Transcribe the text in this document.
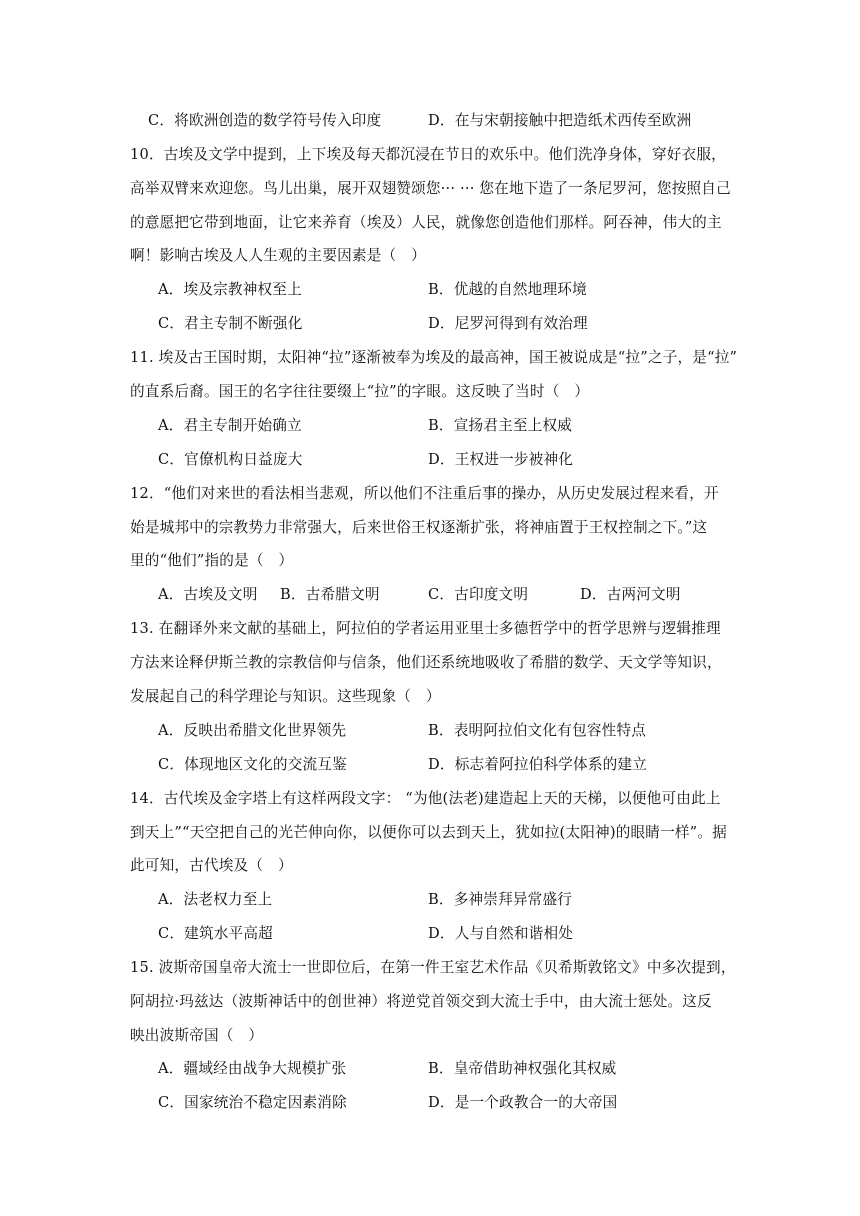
C．将欧洲创造的数学符号传入印度	D．在与宋朝接触中把造纸术西传至欧洲
10．古埃及文学中提到，上下埃及每天都沉浸在节日的欢乐中。他们洗净身体，穿好衣服，
高举双臂来欢迎您。鸟儿出巢，展开双翅赞颂您··· ··· 您在地下造了一条尼罗河，您按照自己
的意愿把它带到地面，让它来养育（埃及）人民，就像您创造他们那样。阿吞神，伟大的主
啊！影响古埃及人人生观的主要因素是（　）
A．埃及宗教神权至上	B．优越的自然地理环境
C．君主专制不断强化	D．尼罗河得到有效治理
11. 埃及古王国时期，太阳神“拉”逐渐被奉为埃及的最高神，国王被说成是“拉”之子，是“拉”
的直系后裔。国王的名字往往要缀上“拉”的字眼。这反映了当时（　）
A．君主专制开始确立	B．宣扬君主至上权威
C．官僚机构日益庞大	D．王权进一步被神化
12．“他们对来世的看法相当悲观，所以他们不注重后事的操办，从历史发展过程来看，开
始是城邦中的宗教势力非常强大，后来世俗王权逐渐扩张，将神庙置于王权控制之下。”这
里的“他们”指的是（　）
A．古埃及文明 B．古希腊文明	C．古印度文明	D．古两河文明
13. 在翻译外来文献的基础上，阿拉伯的学者运用亚里士多德哲学中的哲学思辨与逻辑推理
方法来诠释伊斯兰教的宗教信仰与信条，他们还系统地吸收了希腊的数学、天文学等知识，
发展起自己的科学理论与知识。这些现象（　）
A．反映出希腊文化世界领先	B．表明阿拉伯文化有包容性特点
C．体现地区文化的交流互鉴	D．标志着阿拉伯科学体系的建立
14．古代埃及金字塔上有这样两段文字： “为他(法老)建造起上天的天梯，以便他可由此上
到天上”“天空把自己的光芒伸向你，以便你可以去到天上，犹如拉(太阳神)的眼睛一样”。据
此可知，古代埃及（　）
A．法老权力至上	B．多神崇拜异常盛行
C．建筑水平高超	D．人与自然和谐相处
15. 波斯帝国皇帝大流士一世即位后，在第一件王室艺术作品《贝希斯敦铭文》中多次提到，
阿胡拉·玛兹达（波斯神话中的创世神）将逆党首领交到大流士手中，由大流士惩处。这反
映出波斯帝国（　）
A．疆域经由战争大规模扩张	B．皇帝借助神权强化其权威
C．国家统治不稳定因素消除	D．是一个政教合一的大帝国
